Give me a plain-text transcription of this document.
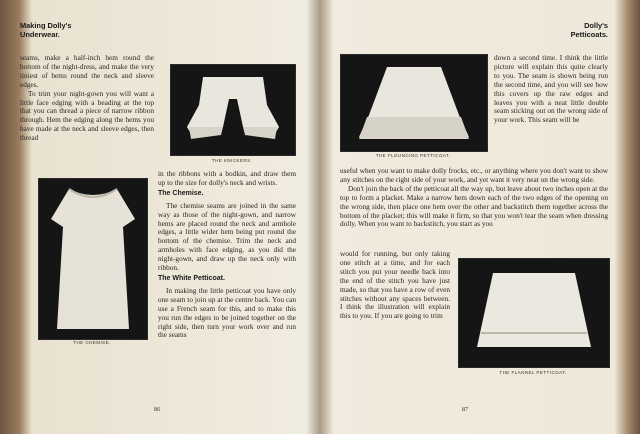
Making Dolly's
Underwear.

seams, make a half-inch hem round the bottom of the night-dress, and make the very tiniest of hems round the neck and sleeve edges.

To trim your night-gown you will want a little face edging with a beading at the top that you can thread a piece of narrow ribbon through. Hem the edging along the hems you have made at the neck and sleeve edges, then thread

THE KNICKERS.
THE CHEMISE.

in the ribbons with a bodkin, and draw them up to the size for dolly's neck and wrists.

The Chemise.

The chemise seams are joined in the same way as those of the night-gown, and narrow hems are placed round the neck and armhole edges, a little wider hem being put round the bottom of the chemise. Trim the neck and armholes with face edging, as you did the night-gown, and draw up the neck only with ribbon.

The White Petticoat.

In making the little petticoat you have only one seam to join up at the centre back. You can use a French seam for this, and to make this you run the edges to be joined together on the right side, then turn your work over and run the seams

86
Dolly's
Petticoats.
THE FLOUNCING PETTICOAT.

down a second time. I think the little picture will explain this quite clearly to you. The seam is shown being run the second time, and you will see how this covers up the raw edges and leaves you with a neat little double seam sticking out on the wrong side of your work. This seam will be

useful when you want to make dolly frocks, etc., or anything where you don't want to show any stitches on the right side of your work, and yet want it very neat on the wrong side.

Don't join the back of the petticoat all the way up, but leave about two inches open at the top to form a placket. Make a narrow hem down each of the two edges of the opening on the wrong side, then place one hem over the other and backstitch them together across the bottom of the placket; this will make it firm, so that you won't tear the seam when dressing dolly. When you want to backstitch, you start as you

would for running, but only taking one stitch at a time, and for each stitch you put your needle back into the end of the stitch you have just made, so that you have a row of even stitches without any spaces between. I think the illustration will explain this to you. If you are going to trim

THE FLANNEL PETTICOAT.
87
